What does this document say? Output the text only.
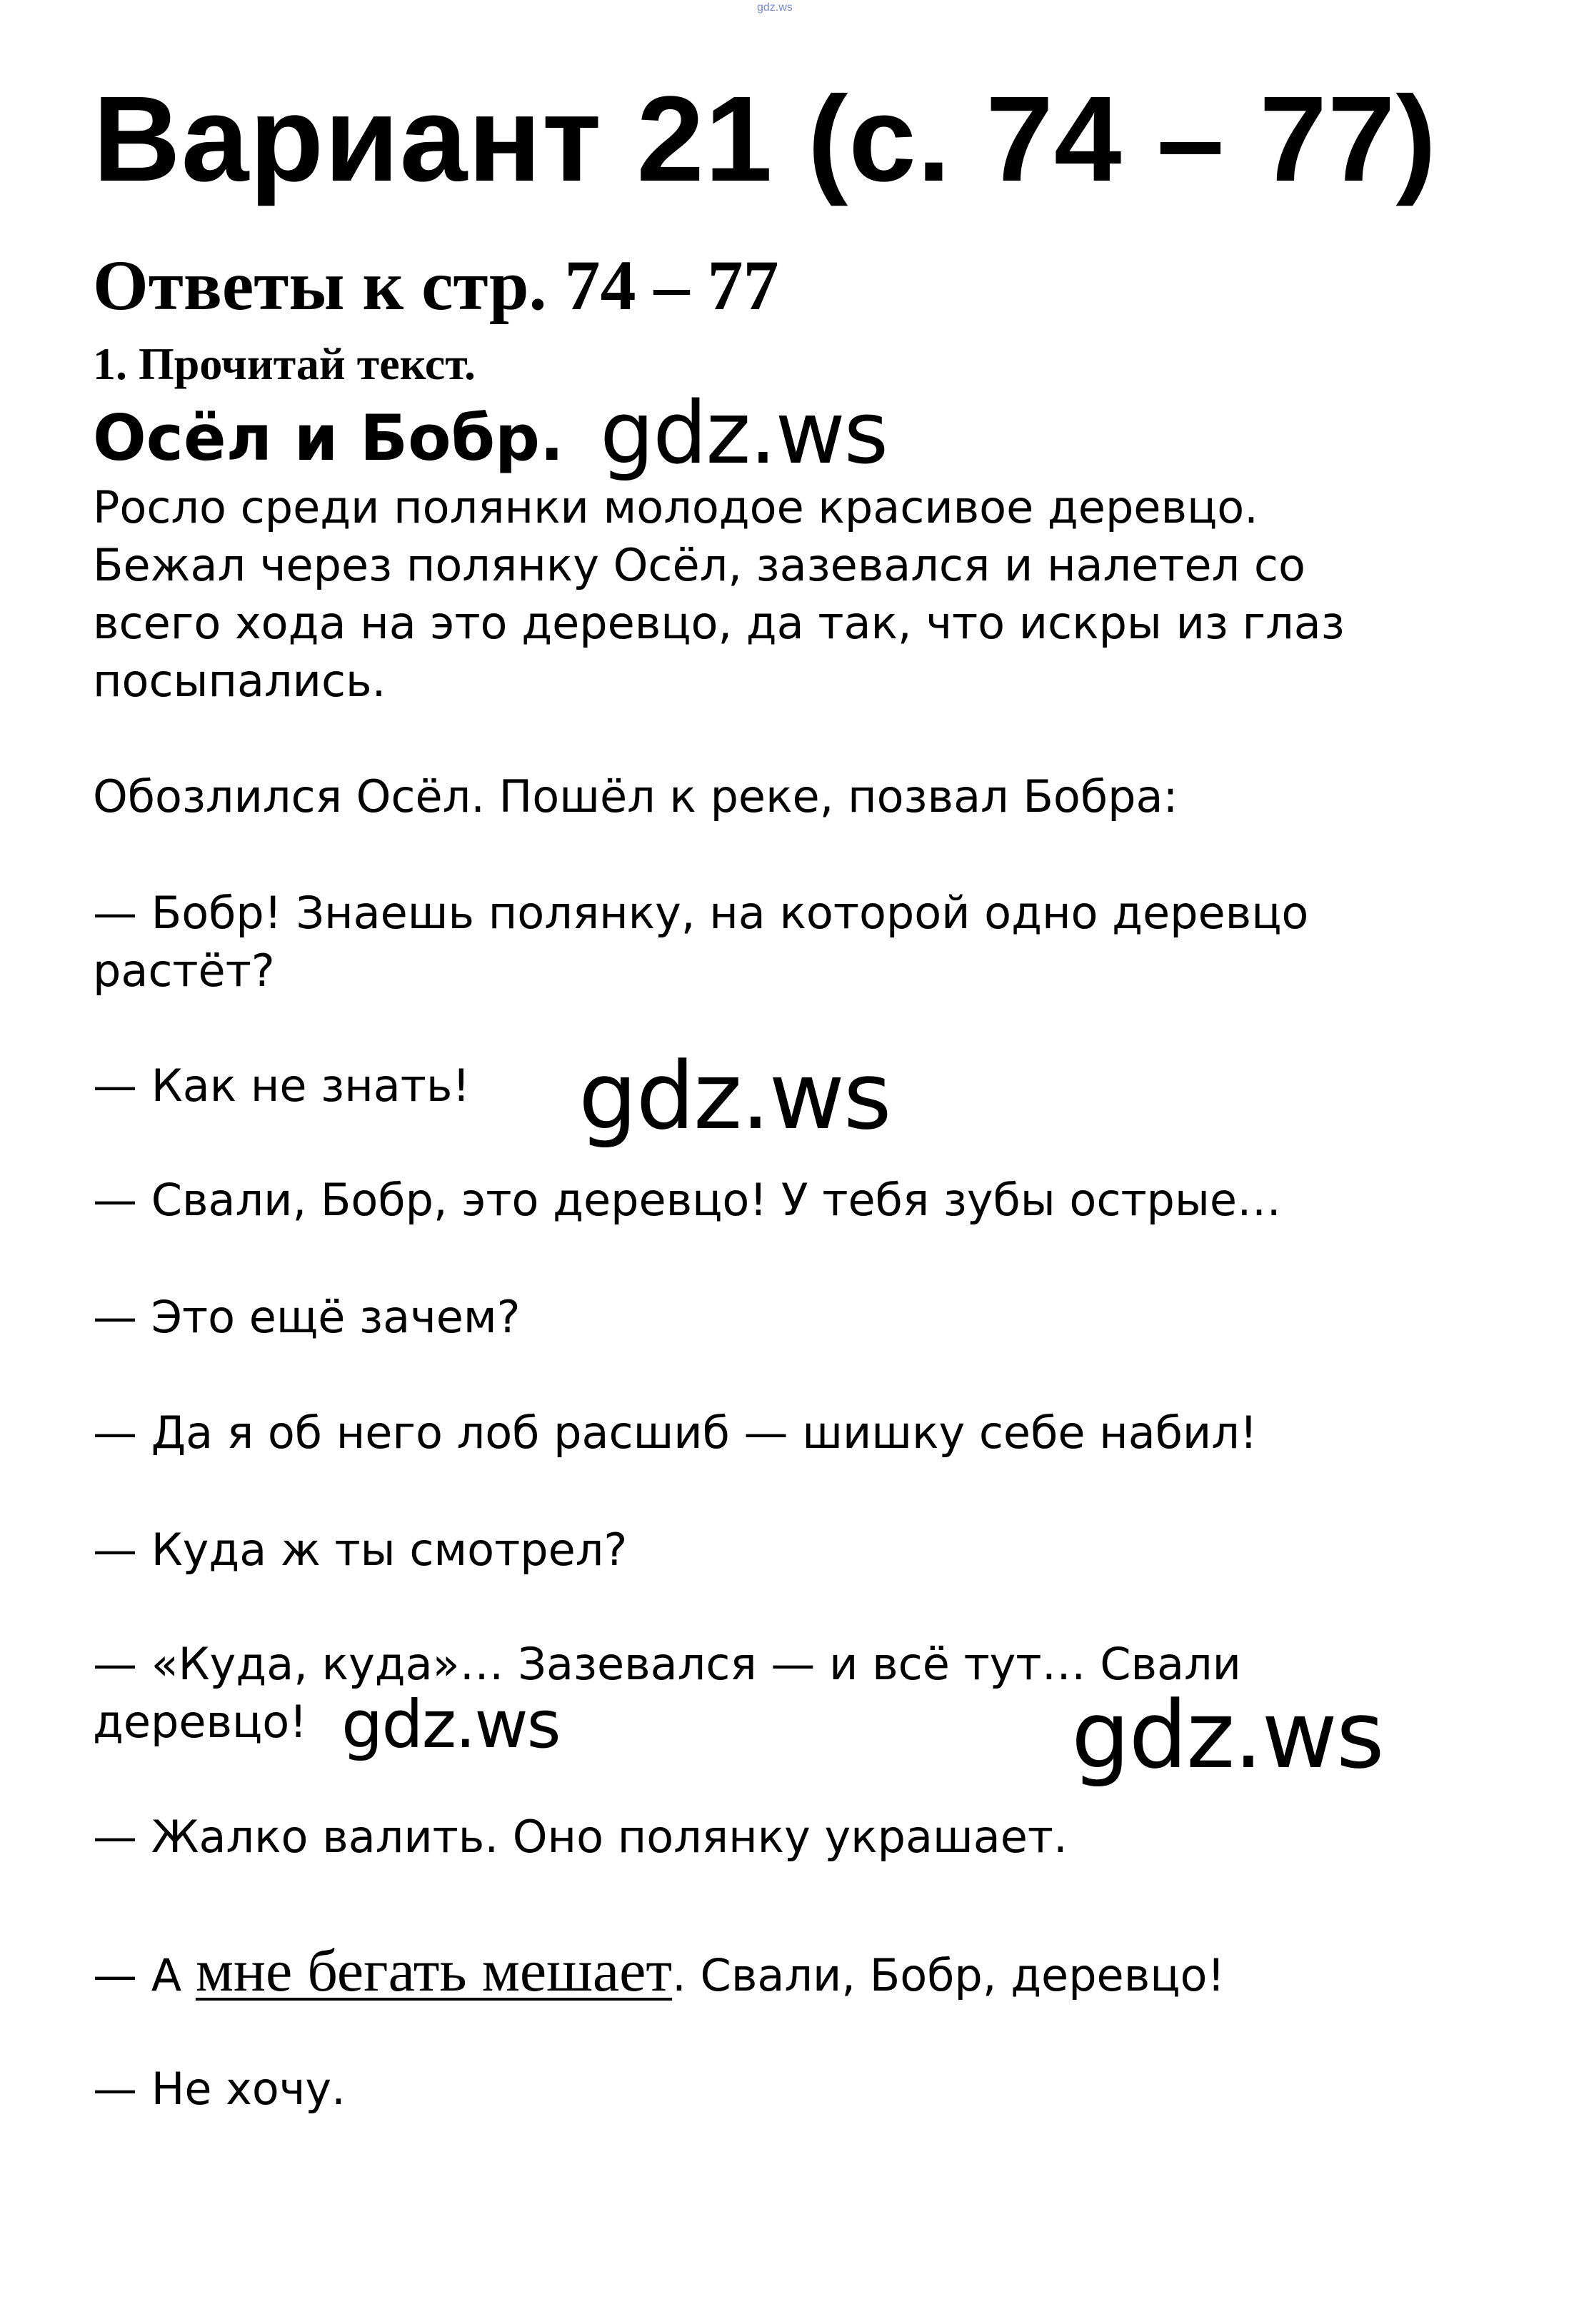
gdz.ws
Вариант 21 (с. 74 – 77)
Ответы к стр. 74 – 77
1. Прочитай текст.
Осёл и Бобр.
Росло среди полянки молодое красивое деревцо.
Бежал через полянку Осёл, зазевался и налетел со
всего хода на это деревцо, да так, что искры из глаз
посыпались.
Обозлился Осёл. Пошёл к реке, позвал Бобра:
— Бобр! Знаешь полянку, на которой одно деревцо
растёт?
— Как не знать!
— Свали, Бобр, это деревцо! У тебя зубы острые…
— Это ещё зачем?
— Да я об него лоб расшиб — шишку себе набил!
— Куда ж ты смотрел?
— «Куда, куда»… Зазевался — и всё тут… Свали
деревцо!
— Жалко валить. Оно полянку украшает.
— А мне бегать мешает. Свали, Бобр, деревцо!
— Не хочу.
gdz.ws
gdz.ws
gdz.ws	gdz.ws
